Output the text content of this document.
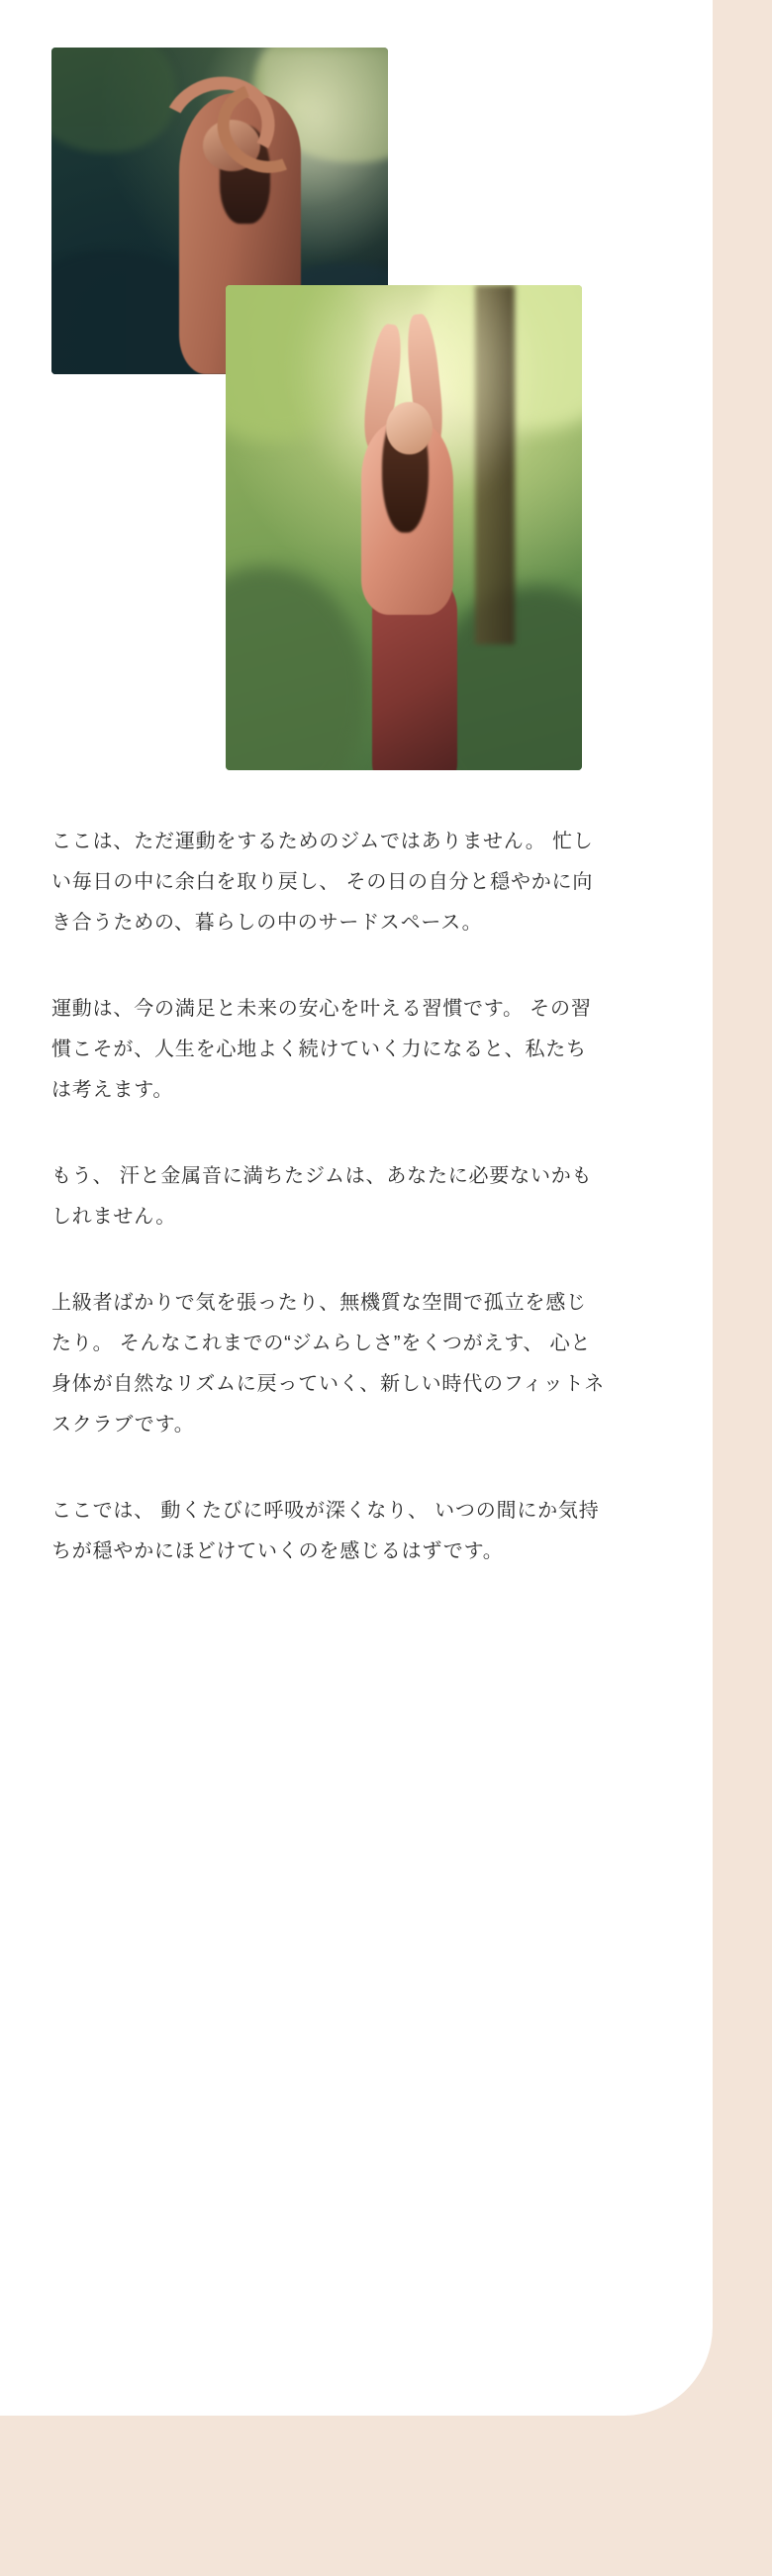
ここは、ただ運動をするためのジムではありません。 忙しい毎日の中に余白を取り戻し、 その日の自分と穏やかに向き合うための、暮らしの中のサードスペース。

運動は、今の満足と未来の安心を叶える習慣です。 その習慣こそが、人生を心地よく続けていく力になると、私たちは考えます。

もう、 汗と金属音に満ちたジムは、あなたに必要ないかもしれません。

上級者ばかりで気を張ったり、無機質な空間で孤立を感じたり。 そんなこれまでの“ジムらしさ”をくつがえす、 心と身体が自然なリズムに戻っていく、新しい時代のフィットネスクラブです。

ここでは、 動くたびに呼吸が深くなり、 いつの間にか気持ちが穏やかにほどけていくのを感じるはずです。
